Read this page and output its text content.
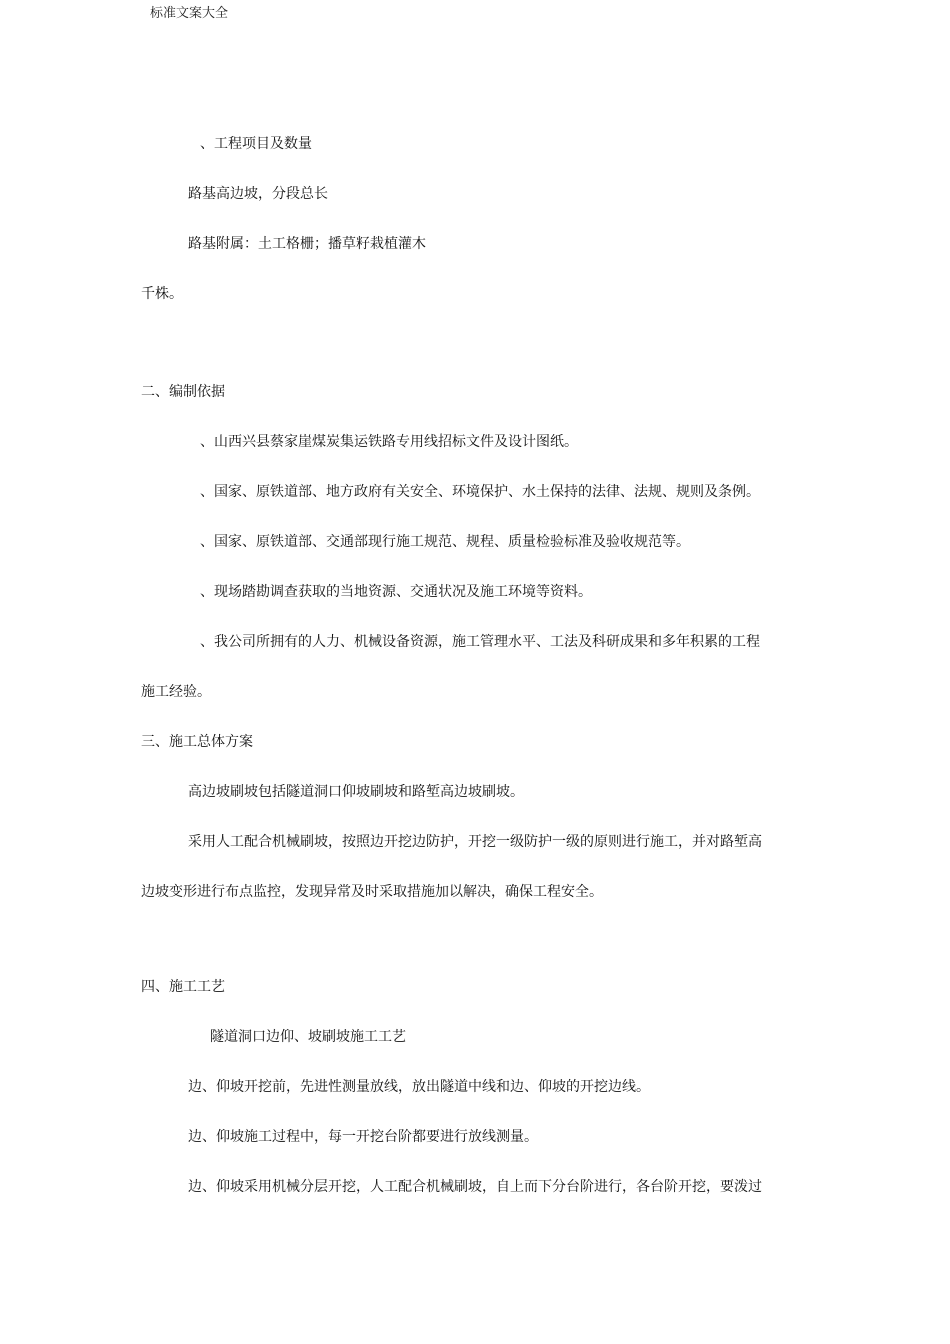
标准文案大全
、工程项目及数量
路基高边坡，分段总长
路基附属：土工格栅；播草籽栽植灌木
千株。
二、编制依据
、山西兴县蔡家崖煤炭集运铁路专用线招标文件及设计图纸。
、国家、原铁道部、地方政府有关安全、环境保护、水土保持的法律、法规、规则及条例。
、国家、原铁道部、交通部现行施工规范、规程、质量检验标准及验收规范等。
、现场踏勘调查获取的当地资源、交通状况及施工环境等资料。
、我公司所拥有的人力、机械设备资源，施工管理水平、工法及科研成果和多年积累的工程
施工经验。
三、施工总体方案
高边坡刷坡包括隧道洞口仰坡刷坡和路堑高边坡刷坡。
采用人工配合机械刷坡，按照边开挖边防护，开挖一级防护一级的原则进行施工，并对路堑高
边坡变形进行布点监控，发现异常及时采取措施加以解决，确保工程安全。
四、施工工艺
隧道洞口边仰、坡刷坡施工工艺
边、仰坡开挖前，先进性测量放线，放出隧道中线和边、仰坡的开挖边线。
边、仰坡施工过程中，每一开挖台阶都要进行放线测量。
边、仰坡采用机械分层开挖，人工配合机械刷坡，自上而下分台阶进行，各台阶开挖，要泼过
